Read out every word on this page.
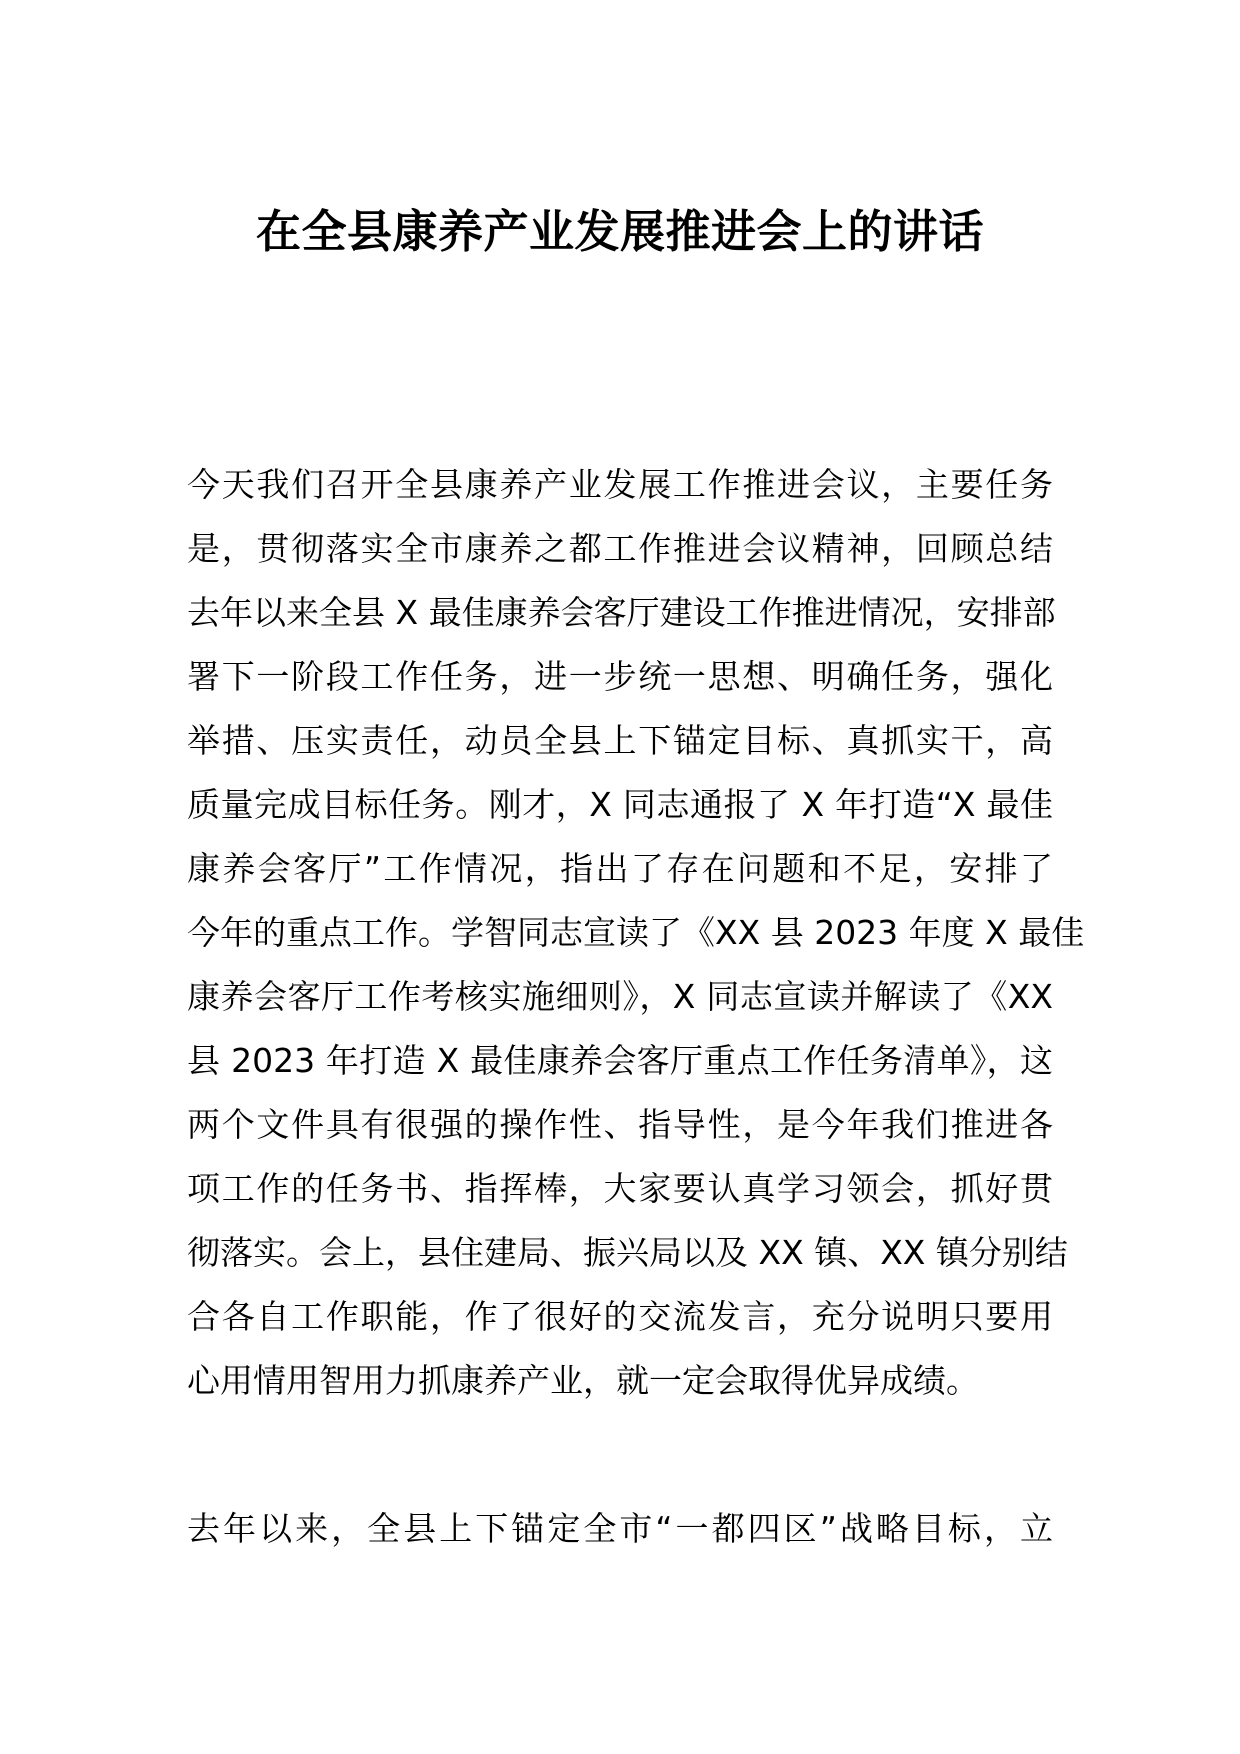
在全县康养产业发展推进会上的讲话
今天我们召开全县康养产业发展工作推进会议，主要任务
是，贯彻落实全市康养之都工作推进会议精神，回顾总结
去年以来全县 X 最佳康养会客厅建设工作推进情况，安排部
署下一阶段工作任务，进一步统一思想、明确任务，强化
举措、压实责任，动员全县上下锚定目标、真抓实干，高
质量完成目标任务。刚才，X 同志通报了 X 年打造“X 最佳
康养会客厅”工作情况，指出了存在问题和不足，安排了
今年的重点工作。学智同志宣读了《XX 县 2023 年度 X 最佳
康养会客厅工作考核实施细则》，X 同志宣读并解读了《XX
县 2023 年打造 X 最佳康养会客厅重点工作任务清单》，这
两个文件具有很强的操作性、指导性，是今年我们推进各
项工作的任务书、指挥棒，大家要认真学习领会，抓好贯
彻落实。会上，县住建局、振兴局以及 XX 镇、XX 镇分别结
合各自工作职能，作了很好的交流发言，充分说明只要用
心用情用智用力抓康养产业，就一定会取得优异成绩。
去年以来，全县上下锚定全市“一都四区”战略目标，立
